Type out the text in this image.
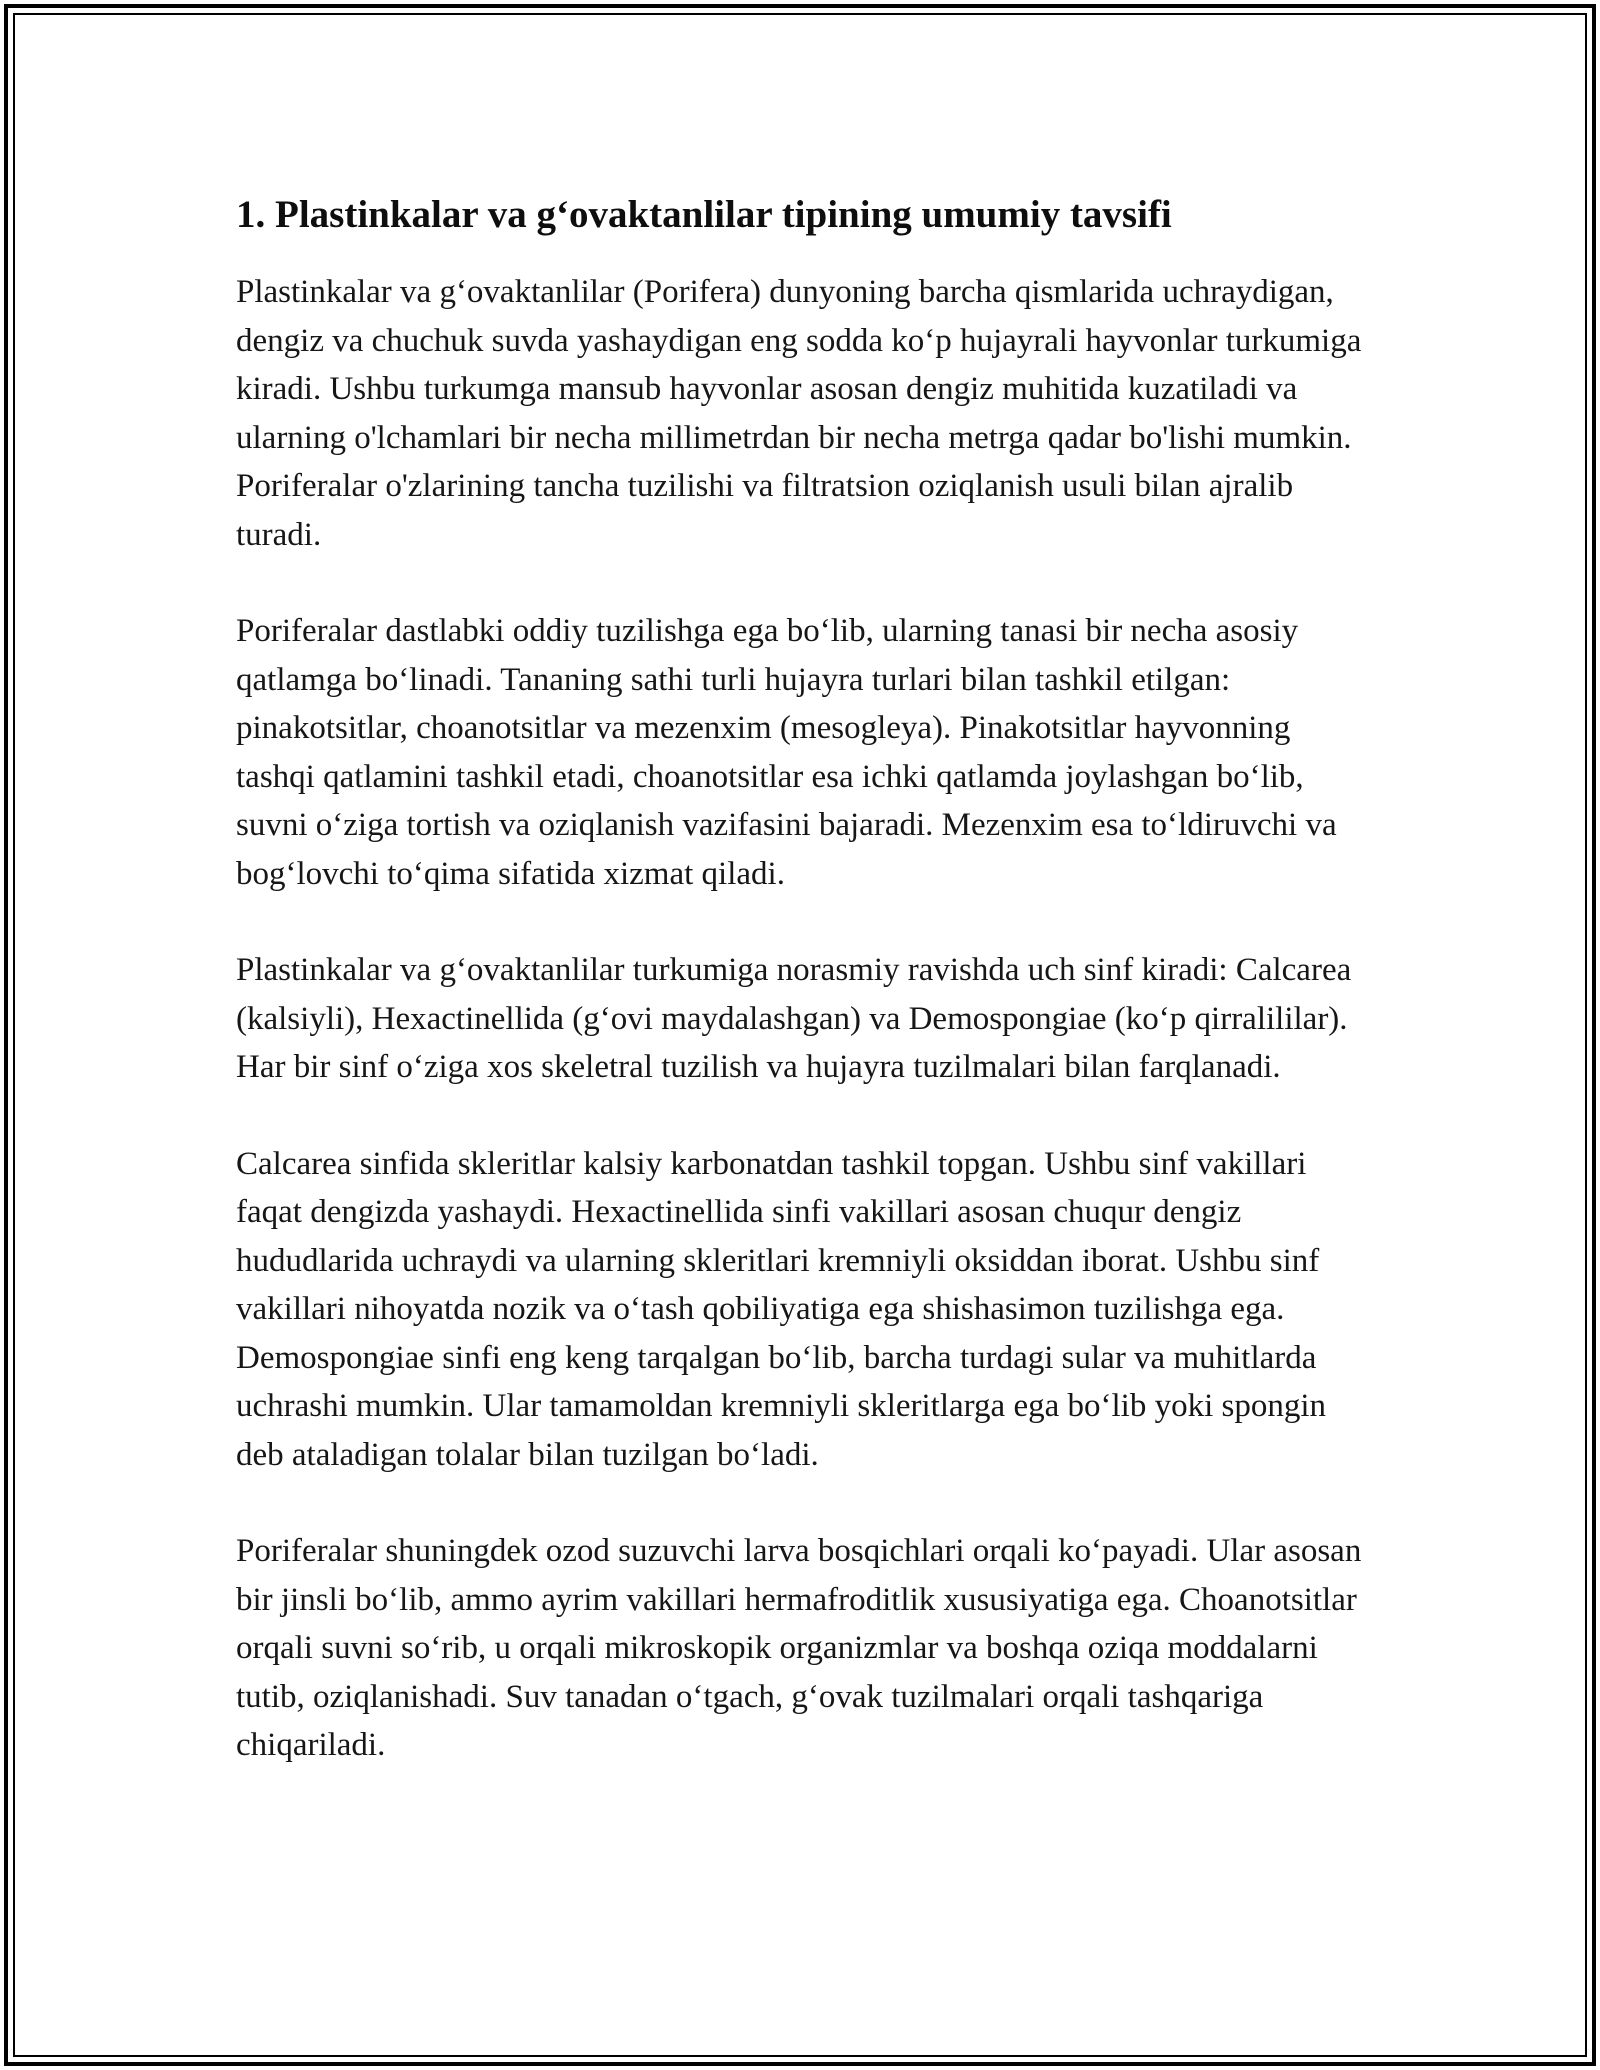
1. Plastinkalar va g‘ovaktanlilar tipining umumiy tavsifi

Plastinkalar va g‘ovaktanlilar (Porifera) dunyoning barcha qismlarida uchraydigan, dengiz va chuchuk suvda yashaydigan eng sodda ko‘p hujayrali hayvonlar turkumiga kiradi. Ushbu turkumga mansub hayvonlar asosan dengiz muhitida kuzatiladi va ularning o'lchamlari bir necha millimetrdan bir necha metrga qadar bo'lishi mumkin. Poriferalar o'zlarining tancha tuzilishi va filtratsion oziqlanish usuli bilan ajralib turadi.

Poriferalar dastlabki oddiy tuzilishga ega bo‘lib, ularning tanasi bir necha asosiy qatlamga bo‘linadi. Tananing sathi turli hujayra turlari bilan tashkil etilgan: pinakotsitlar, choanotsitlar va mezenxim (mesogleya). Pinakotsitlar hayvonning tashqi qatlamini tashkil etadi, choanotsitlar esa ichki qatlamda joylashgan bo‘lib, suvni o‘ziga tortish va oziqlanish vazifasini bajaradi. Mezenxim esa to‘ldiruvchi va bog‘lovchi to‘qima sifatida xizmat qiladi.

Plastinkalar va g‘ovaktanlilar turkumiga norasmiy ravishda uch sinf kiradi: Calcarea (kalsiyli), Hexactinellida (g‘ovi maydalashgan) va Demospongiae (ko‘p qirralililar). Har bir sinf o‘ziga xos skeletral tuzilish va hujayra tuzilmalari bilan farqlanadi.

Calcarea sinfida skleritlar kalsiy karbonatdan tashkil topgan. Ushbu sinf vakillari faqat dengizda yashaydi. Hexactinellida sinfi vakillari asosan chuqur dengiz hududlarida uchraydi va ularning skleritlari kremniyli oksiddan iborat. Ushbu sinf vakillari nihoyatda nozik va o‘tash qobiliyatiga ega shishasimon tuzilishga ega. Demospongiae sinfi eng keng tarqalgan bo‘lib, barcha turdagi sular va muhitlarda uchrashi mumkin. Ular tamamoldan kremniyli skleritlarga ega bo‘lib yoki spongin deb ataladigan tolalar bilan tuzilgan bo‘ladi.

Poriferalar shuningdek ozod suzuvchi larva bosqichlari orqali ko‘payadi. Ular asosan bir jinsli bo‘lib, ammo ayrim vakillari hermafroditlik xususiyatiga ega. Choanotsitlar orqali suvni so‘rib, u orqali mikroskopik organizmlar va boshqa oziqa moddalarni tutib, oziqlanishadi. Suv tanadan o‘tgach, g‘ovak tuzilmalari orqali tashqariga chiqariladi.
